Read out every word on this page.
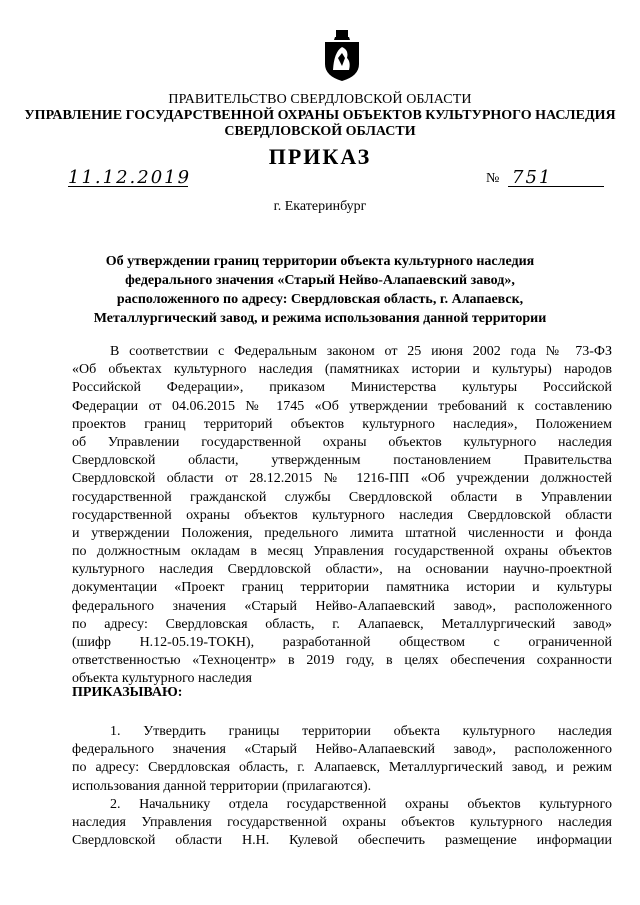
ПРАВИТЕЛЬСТВО СВЕРДЛОВСКОЙ ОБЛАСТИ
УПРАВЛЕНИЕ ГОСУДАРСТВЕННОЙ ОХРАНЫ ОБЪЕКТОВ КУЛЬТУРНОГО НАСЛЕДИЯ
СВЕРДЛОВСКОЙ ОБЛАСТИ
ПРИКАЗ
11.12.2019	№ 751
г. Екатеринбург
Об утверждении границ территории объекта культурного наследия
федерального значения «Старый Нейво-Алапаевский завод»,
расположенного по адресу: Свердловская область, г. Алапаевск,
Металлургический завод, и режима использования данной территории
В соответствии с Федеральным законом от 25 июня 2002 года № 73-ФЗ
«Об объектах культурного наследия (памятниках истории и культуры) народов
Российской Федерации», приказом Министерства культуры Российской
Федерации от 04.06.2015 № 1745 «Об утверждении требований к составлению
проектов границ территорий объектов культурного наследия», Положением
об Управлении государственной охраны объектов культурного наследия
Свердловской области, утвержденным постановлением Правительства
Свердловской области от 28.12.2015 № 1216-ПП «Об учреждении должностей
государственной гражданской службы Свердловской области в Управлении
государственной охраны объектов культурного наследия Свердловской области
и утверждении Положения, предельного лимита штатной численности и фонда
по должностным окладам в месяц Управления государственной охраны объектов
культурного наследия Свердловской области», на основании научно-проектной
документации «Проект границ территории памятника истории и культуры
федерального значения «Старый Нейво-Алапаевский завод», расположенного
по адресу: Свердловская область, г. Алапаевск, Металлургический завод»
(шифр Н.12-05.19-ТОКН), разработанной обществом с ограниченной
ответственностью «Техноцентр» в 2019 году, в целях обеспечения сохранности
объекта культурного наследия
ПРИКАЗЫВАЮ:
1. Утвердить границы территории объекта культурного наследия
федерального значения «Старый Нейво-Алапаевский завод», расположенного
по адресу: Свердловская область, г. Алапаевск, Металлургический завод, и режим
использования данной территории (прилагаются).
2. Начальнику отдела государственной охраны объектов культурного
наследия Управления государственной охраны объектов культурного наследия
Свердловской области Н.Н. Кулевой обеспечить размещение информации
